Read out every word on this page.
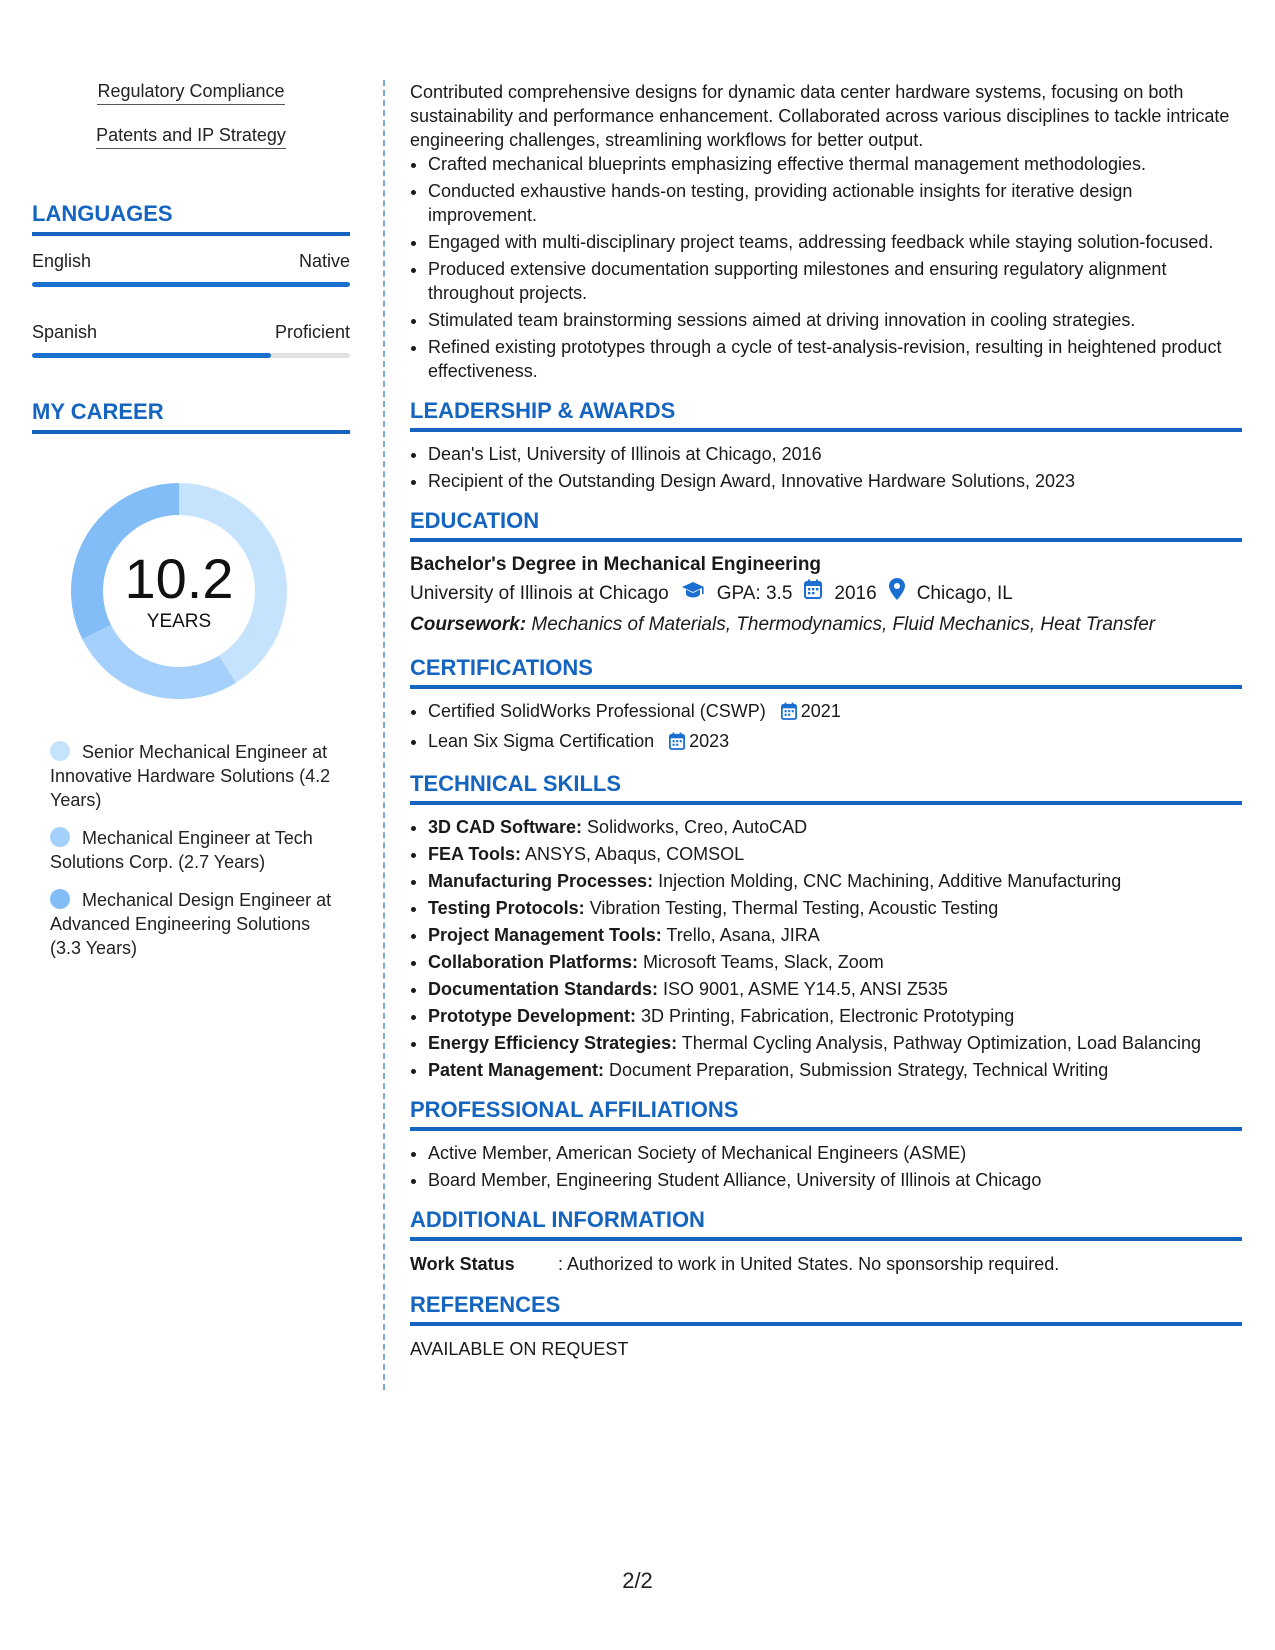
Regulatory Compliance
Patents and IP Strategy
LANGUAGES
English	Native
Spanish	Proficient
MY CAREER
10.2
YEARS
Senior Mechanical Engineer at Innovative Hardware Solutions (4.2 Years)
Mechanical Engineer at Tech Solutions Corp. (2.7 Years)
Mechanical Design Engineer at Advanced Engineering Solutions (3.3 Years)

Contributed comprehensive designs for dynamic data center hardware systems, focusing on both sustainability and performance enhancement. Collaborated across various disciplines to tackle intricate engineering challenges, streamlining workflows for better output.

• Crafted mechanical blueprints emphasizing effective thermal management methodologies.
• Conducted exhaustive hands-on testing, providing actionable insights for iterative design improvement.
• Engaged with multi-disciplinary project teams, addressing feedback while staying solution-focused.
• Produced extensive documentation supporting milestones and ensuring regulatory alignment throughout projects.
• Stimulated team brainstorming sessions aimed at driving innovation in cooling strategies.
• Refined existing prototypes through a cycle of test-analysis-revision, resulting in heightened product effectiveness.
LEADERSHIP & AWARDS
• Dean's List, University of Illinois at Chicago, 2016
• Recipient of the Outstanding Design Award, Innovative Hardware Solutions, 2023
EDUCATION
Bachelor's Degree in Mechanical Engineering
University of Illinois at Chicago	GPA: 3.5 2016 Chicago, IL
Coursework: Mechanics of Materials, Thermodynamics, Fluid Mechanics, Heat Transfer
CERTIFICATIONS
• Certified SolidWorks Professional (CSWP) 2021
• Lean Six Sigma Certification 2023
TECHNICAL SKILLS
• 3D CAD Software: Solidworks, Creo, AutoCAD
• FEA Tools: ANSYS, Abaqus, COMSOL
• Manufacturing Processes: Injection Molding, CNC Machining, Additive Manufacturing
• Testing Protocols: Vibration Testing, Thermal Testing, Acoustic Testing
• Project Management Tools: Trello, Asana, JIRA
• Collaboration Platforms: Microsoft Teams, Slack, Zoom
• Documentation Standards: ISO 9001, ASME Y14.5, ANSI Z535
• Prototype Development: 3D Printing, Fabrication, Electronic Prototyping
• Energy Efficiency Strategies: Thermal Cycling Analysis, Pathway Optimization, Load Balancing
• Patent Management: Document Preparation, Submission Strategy, Technical Writing
PROFESSIONAL AFFILIATIONS
• Active Member, American Society of Mechanical Engineers (ASME)
• Board Member, Engineering Student Alliance, University of Illinois at Chicago
ADDITIONAL INFORMATION
Work Status	: Authorized to work in United States. No sponsorship required.
REFERENCES
AVAILABLE ON REQUEST
2/2
